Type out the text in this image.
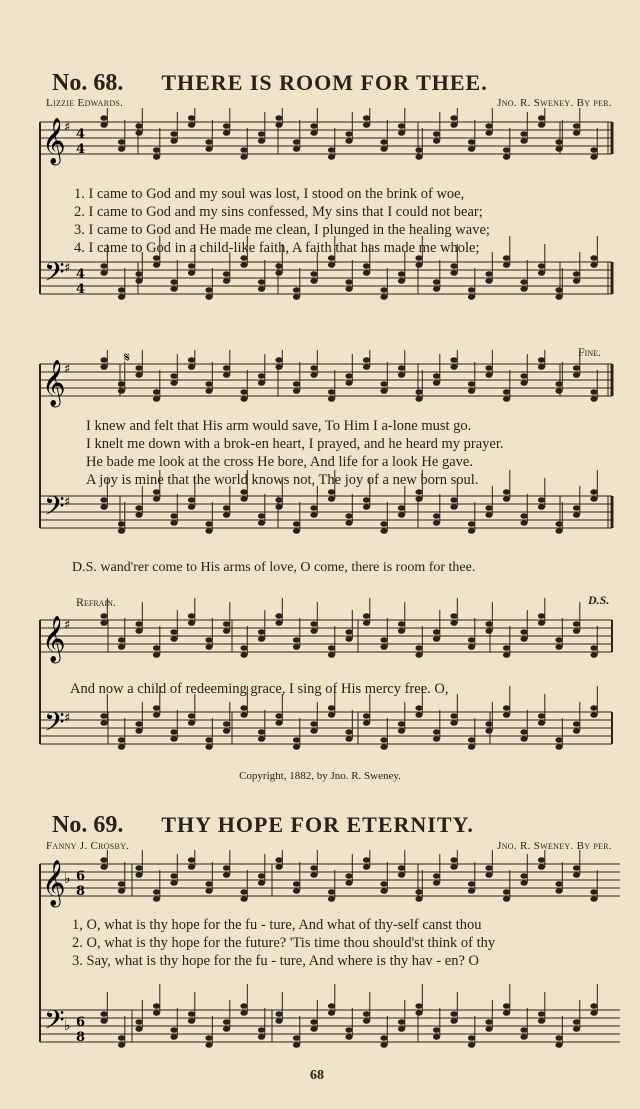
No. 68. THERE IS ROOM FOR THEE.
Lizzie Edwards.	Jno. R. Sweney. By per.
𝄞
𝄢
♯
♯
4
4
4
4
1. I came to God and my soul was lost, I stood on the brink of woe,
2. I came to God and my sins confessed, My sins that I could not bear;
3. I came to God and He made me clean, I plunged in the healing wave;
4. I came to God in a child-like faith, A faith that has made me whole;
Fine.
𝄞
𝄢
♯
♯
𝄋
I knew and felt that His arm would save, To Him I a-lone must go.
I knelt me down with a brok-en heart, I prayed, and he heard my prayer.
He bade me look at the cross He bore, And life for a look He gave.
A joy is mine that the world knows not, The joy of a new born soul.
D.S. wand'rer come to His arms of love, O come, there is room for thee.
Refrain.	D.S.
𝄞
𝄢
♯
♯
And now a child of redeeming grace, I sing of His mercy free. O,
Copyright, 1882, by Jno. R. Sweney.
No. 69. THY HOPE FOR ETERNITY.
Fanny J. Crosby.	Jno. R. Sweney. By per.
𝄞
𝄢
♭
♭
6
8
6
8
1, O, what is thy hope for the fu - ture, And what of thy-self canst thou
2. O, what is thy hope for the future? 'Tis time thou should'st think of thy
3. Say, what is thy hope for the fu - ture, And where is thy hav - en? O
68
